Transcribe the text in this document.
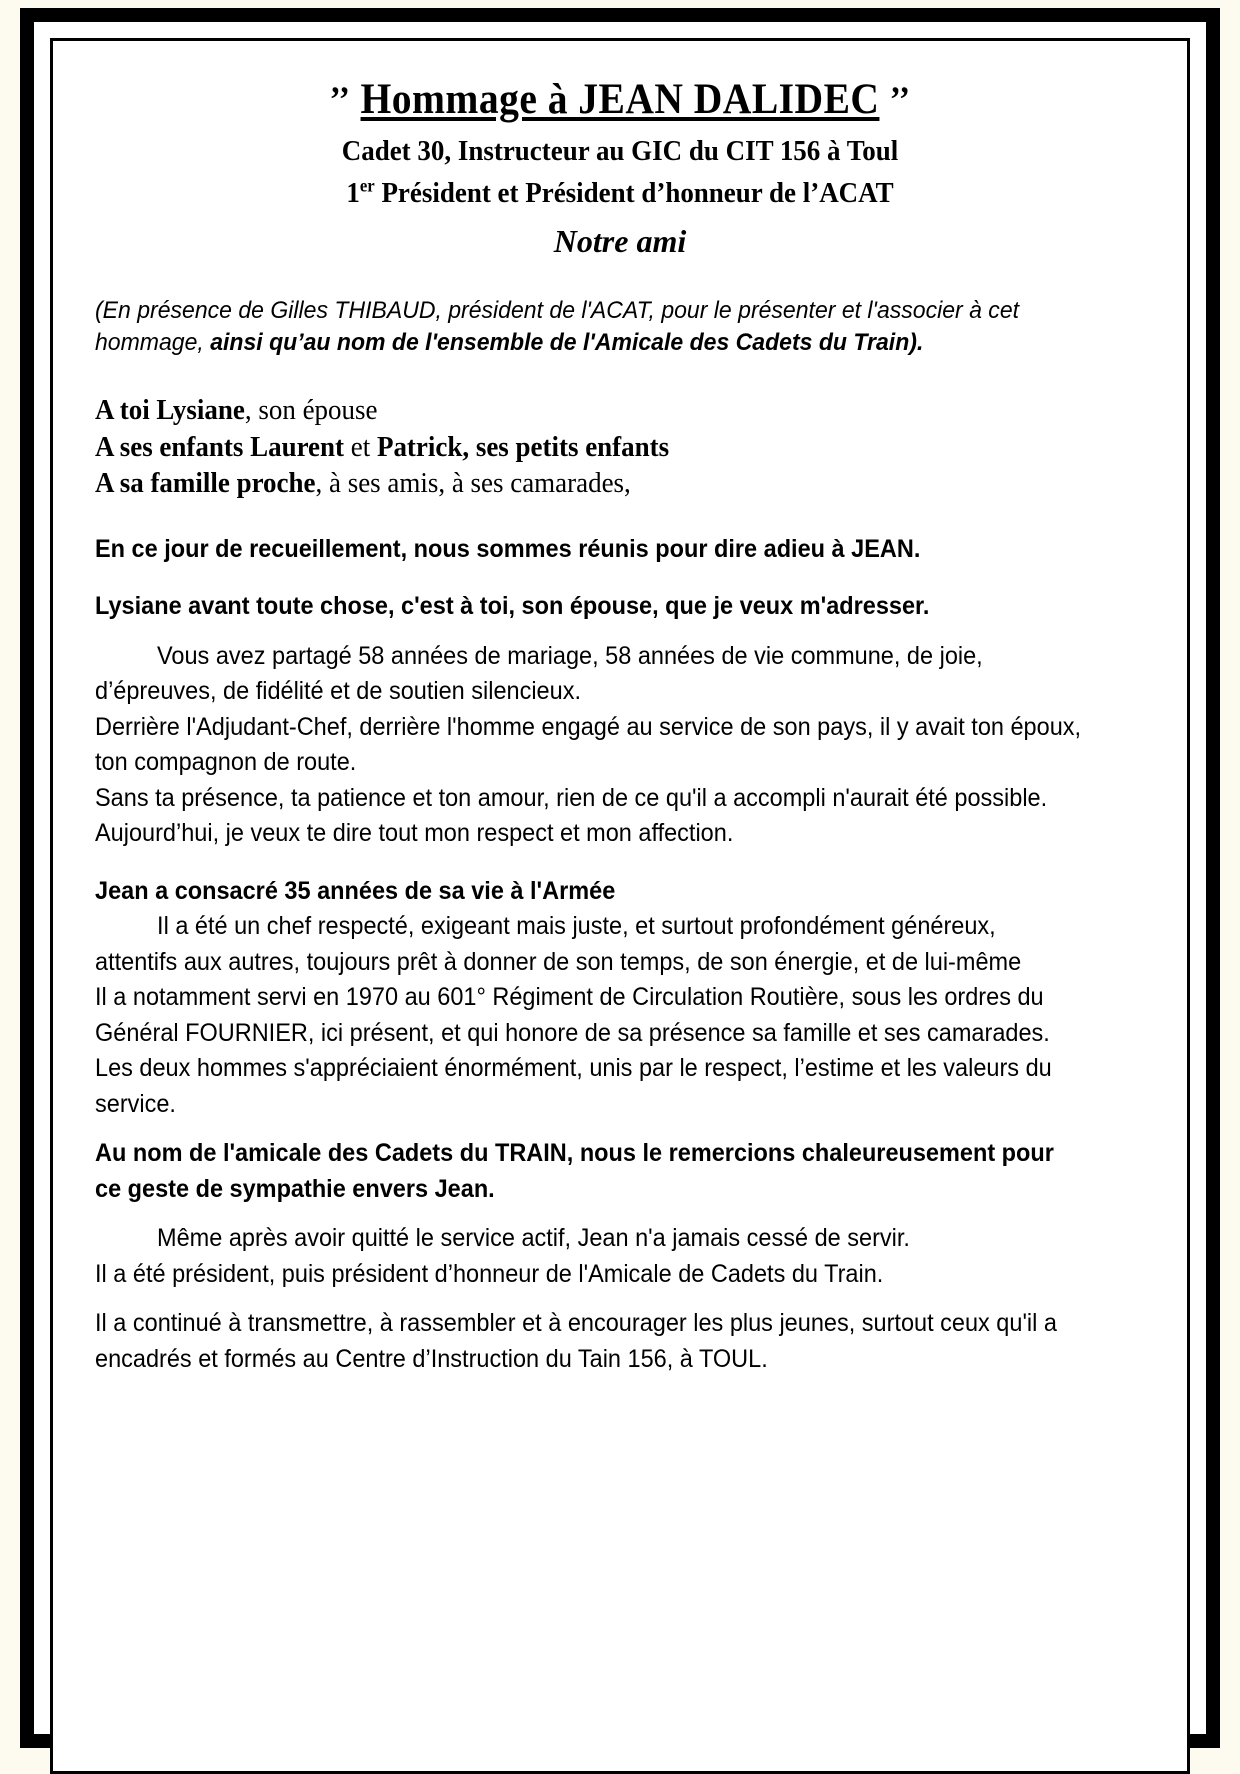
’’ Hommage à JEAN DALIDEC ’’
Cadet 30, Instructeur au GIC du CIT 156 à Toul
1er Président et Président d’honneur de l’ACAT
Notre ami
(En présence de Gilles THIBAUD, président de l'ACAT, pour le présenter et l'associer à cet hommage, ainsi qu’au nom de l'ensemble de l'Amicale des Cadets du Train).
A toi Lysiane, son épouse
A ses enfants Laurent et Patrick, ses petits enfants
A sa famille proche, à ses amis, à ses camarades,

En ce jour de recueillement, nous sommes réunis pour dire adieu à JEAN.

Lysiane avant toute chose, c'est à toi, son épouse, que je veux m'adresser.

Vous avez partagé 58 années de mariage, 58 années de vie commune, de joie, d’épreuves, de fidélité et de soutien silencieux.

Derrière l'Adjudant-Chef, derrière l'homme engagé au service de son pays, il y avait ton époux, ton compagnon de route.

Sans ta présence, ta patience et ton amour, rien de ce qu'il a accompli n'aurait été possible.

Aujourd’hui, je veux te dire tout mon respect et mon affection.

Jean a consacré 35 années de sa vie à l'Armée

Il a été un chef respecté, exigeant mais juste, et surtout profondément généreux, attentifs aux autres, toujours prêt à donner de son temps, de son énergie, et de lui-même

Il a notamment servi en 1970 au 601° Régiment de Circulation Routière, sous les ordres du Général FOURNIER, ici présent, et qui honore de sa présence sa famille et ses camarades.

Les deux hommes s'appréciaient énormément, unis par le respect, l’estime et les valeurs du service.

Au nom de l'amicale des Cadets du TRAIN, nous le remercions chaleureusement pour ce geste de sympathie envers Jean.

Même après avoir quitté le service actif, Jean n'a jamais cessé de servir.

Il a été président, puis président d’honneur de l'Amicale de Cadets du Train.

Il a continué à transmettre, à rassembler et à encourager les plus jeunes, surtout ceux qu'il a encadrés et formés au Centre d’Instruction du Tain 156, à TOUL.
